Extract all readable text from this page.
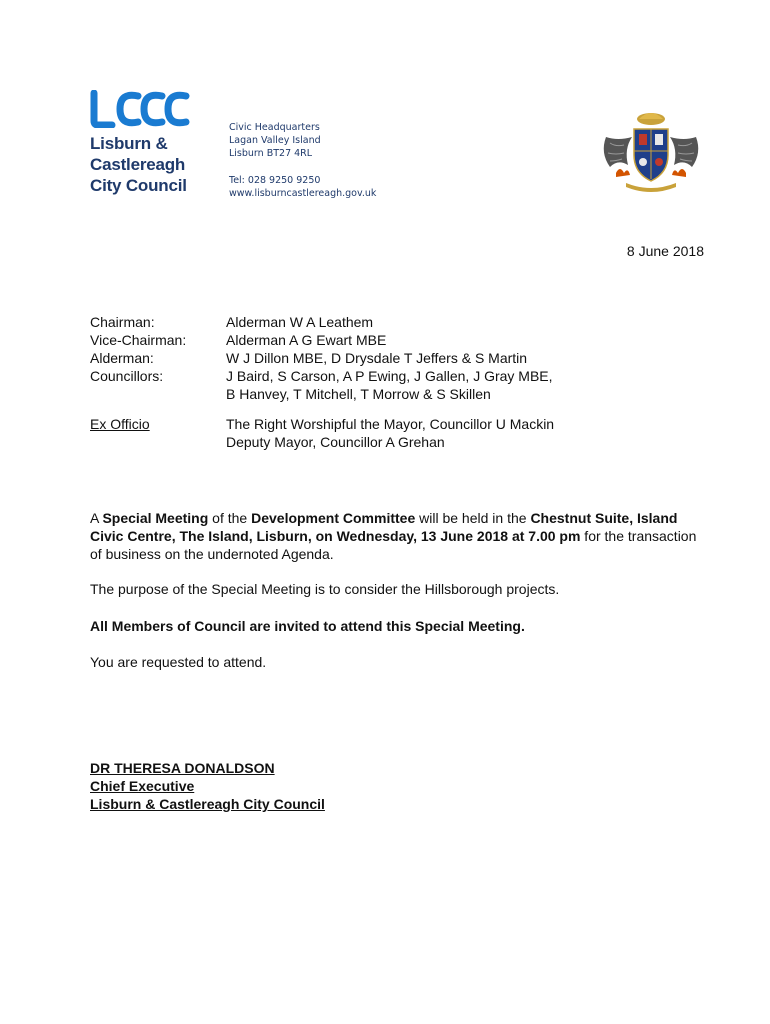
Lisburn &
Castlereagh
City Council
Civic Headquarters
Lagan Valley Island
Lisburn BT27 4RL
Tel: 028 9250 9250
www.lisburncastlereagh.gov.uk
8 June 2018
Chairman:	Alderman W A Leathem
Vice-Chairman:	Alderman A G Ewart MBE
Alderman:	W J Dillon MBE, D Drysdale T Jeffers & S Martin
Councillors:	J Baird, S Carson, A P Ewing, J Gallen, J Gray MBE,
B Hanvey, T Mitchell, T Morrow & S Skillen
Ex Officio	The Right Worshipful the Mayor, Councillor U Mackin
Deputy Mayor, Councillor A Grehan
A Special Meeting of the Development Committee will be held in the Chestnut Suite, Island Civic Centre, The Island, Lisburn, on Wednesday, 13 June 2018 at 7.00 pm for the transaction of business on the undernoted Agenda.
The purpose of the Special Meeting is to consider the Hillsborough projects.
All Members of Council are invited to attend this Special Meeting.
You are requested to attend.
DR THERESA DONALDSON
Chief Executive
Lisburn & Castlereagh City Council
